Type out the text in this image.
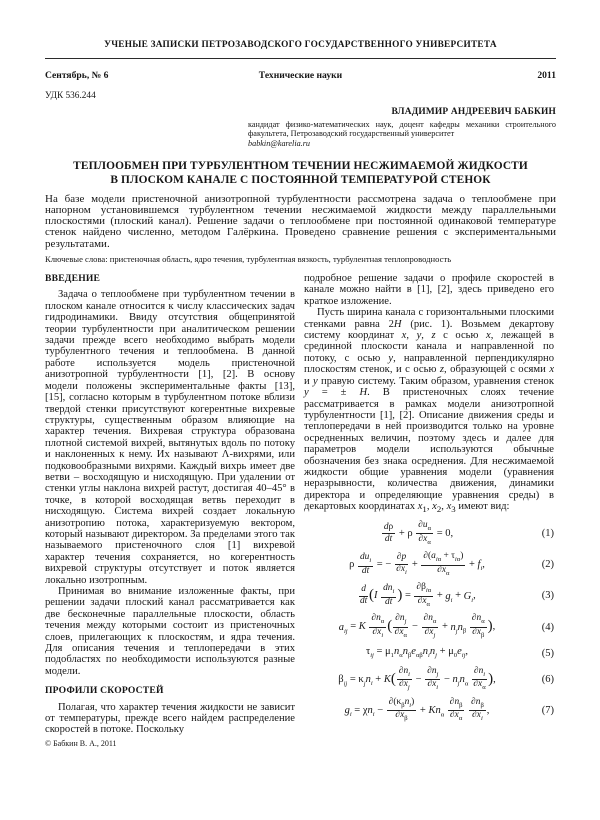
УЧЕНЫЕ ЗАПИСКИ ПЕТРОЗАВОДСКОГО ГОСУДАРСТВЕННОГО УНИВЕРСИТЕТА
Сентябрь, № 6	Технические науки	2011
УДК 536.244
ВЛАДИМИР АНДРЕЕВИЧ БАБКИН
кандидат физико-математических наук, доцент кафедры механики строительного факультета, Петрозаводский государственный университет
babkin@karelia.ru
ТЕПЛООБМЕН ПРИ ТУРБУЛЕНТНОМ ТЕЧЕНИИ НЕСЖИМАЕМОЙ ЖИДКОСТИ
В ПЛОСКОМ КАНАЛЕ С ПОСТОЯННОЙ ТЕМПЕРАТУРОЙ СТЕНОК
На базе модели пристеночной анизотропной турбулентности рассмотрена задача о теплообмене при напорном установившемся турбулентном течении несжимаемой жидкости между параллельными плоскостями (плоский канал). Решение задачи о теплообмене при постоянной одинаковой температуре стенок найдено численно, методом Галёркина. Проведено сравнение решения с экспериментальными результатами.
Ключевые слова: пристеночная область, ядро течения, турбулентная вязкость, турбулентная теплопроводность
ВВЕДЕНИЕ

Задача о теплообмене при турбулентном течении в плоском канале относится к числу классических задач гидродинамики. Ввиду отсутствия общепринятой теории турбулентности при аналитическом решении задачи прежде всего необходимо выбрать модели турбулентного течения и теплообмена. В данной работе используется модель пристеночной анизотропной турбулентности [1], [2]. В основу модели положены экспериментальные факты [13], [15], согласно которым в турбулентном потоке вблизи твердой стенки присутствуют когерентные вихревые структуры, существенным образом влияющие на характер течения. Вихревая структура образована плотной системой вихрей, вытянутых вдоль по потоку и наклоненных к нему. Их называют Λ-вихрями, или подковообразными вихрями. Каждый вихрь имеет две ветви – восходящую и нисходящую. При удалении от стенки углы наклона вихрей растут, достигая 40–45° в точке, в которой восходящая ветвь переходит в нисходящую. Система вихрей создает локальную анизотропию потока, характеризуемую вектором, который называют директором. За пределами этого так называемого пристеночного слоя [1] вихревой характер течения сохраняется, но когерентность вихревой структуры отсутствует и поток является локально изотропным.

Принимая во внимание изложенные факты, при решении задачи плоский канал рассматривается как две бесконечные параллельные плоскости, область течения между которыми состоит из пристеночных слоев, прилегающих к плоскостям, и ядра течения. Для описания течения и теплопередачи в этих подобластях по необходимости используются разные модели.

ПРОФИЛИ СКОРОСТЕЙ

Полагая, что характер течения жидкости не зависит от температуры, прежде всего найдем распределение скоростей в потоке. Поскольку

© Бабкин В. А., 2011

подробное решение задачи о профиле скоростей в канале можно найти в [1], [2], здесь приведено его краткое изложение.

Пусть ширина канала с горизонтальными плоскими стенками равна 2H (рис. 1). Возьмем декартову систему координат x, y, z с осью x, лежащей в срединной плоскости канала и направленной по потоку, с осью y, направленной перпендикулярно плоскостям стенок, и с осью z, образующей с осями x и y правую систему. Таким образом, уравнения стенок y = ± H. В пристеночных слоях течение рассматривается в рамках модели анизотропной турбулентности [1], [2]. Описание движения среды и теплопередачи в ней производится только на уровне осредненных величин, поэтому здесь и далее для параметров модели используются обычные обозначения без знака осреднения. Для несжимаемой жидкости общие уравнения модели (уравнения неразрывности, количества движения, динамики директора и определяющие уравнения среды) в декартовых координатах $x_1$, $x_2$, $x_3$ имеют вид:

$\frac{d\rho}{dt} + \rho \frac{\partial u_\alpha}{\partial x_\alpha} = 0$,	(1)
ρ $\frac{du_i}{dt}$ = − $\frac{\partial p}{\partial x_i} + \frac{\partial(a_{i\alpha} + \tau_{i\alpha})}{\partial x_\alpha} + f_i$,	(2)
$\frac{d}{dt} (I \frac{dn_i}{dt}$ ) = $\frac{\partial\beta_{i\alpha}}{\partial x_\alpha} + g_i + G_i$,	(3)
$a_{ij} = K \frac{\partial n_\alpha}{\partial x_i}$ ( $\frac{\partial n_j}{\partial x_\alpha} - \frac{\partial n_\alpha}{\partial x_j} + n_jn_\beta \frac{\partial n_\alpha}{\partial x_\beta}$ ),	(4)
$\tau_{ij} = \mu_1n_\alpha n_\beta e_{\alpha\beta}n_in_j + \mu_0e_{ij}$,	(5)
$\beta_{ij} = \kappa_jn_i + K( \frac{\partial n_i}{\partial x_j} - \frac{\partial n_j}{\partial x_i} - n_jn_\alpha \frac{\partial n_i}{\partial x_\alpha}$ ),	(6)
$g_i = \chi n_i - \frac{\partial(\kappa_\beta n_i)}{\partial x_\beta} + Kn_\alpha \frac{\partial n_\beta}{\partial x_\alpha}$
$\frac{\partial n_\beta}{\partial x_i}$ ,	(7)
